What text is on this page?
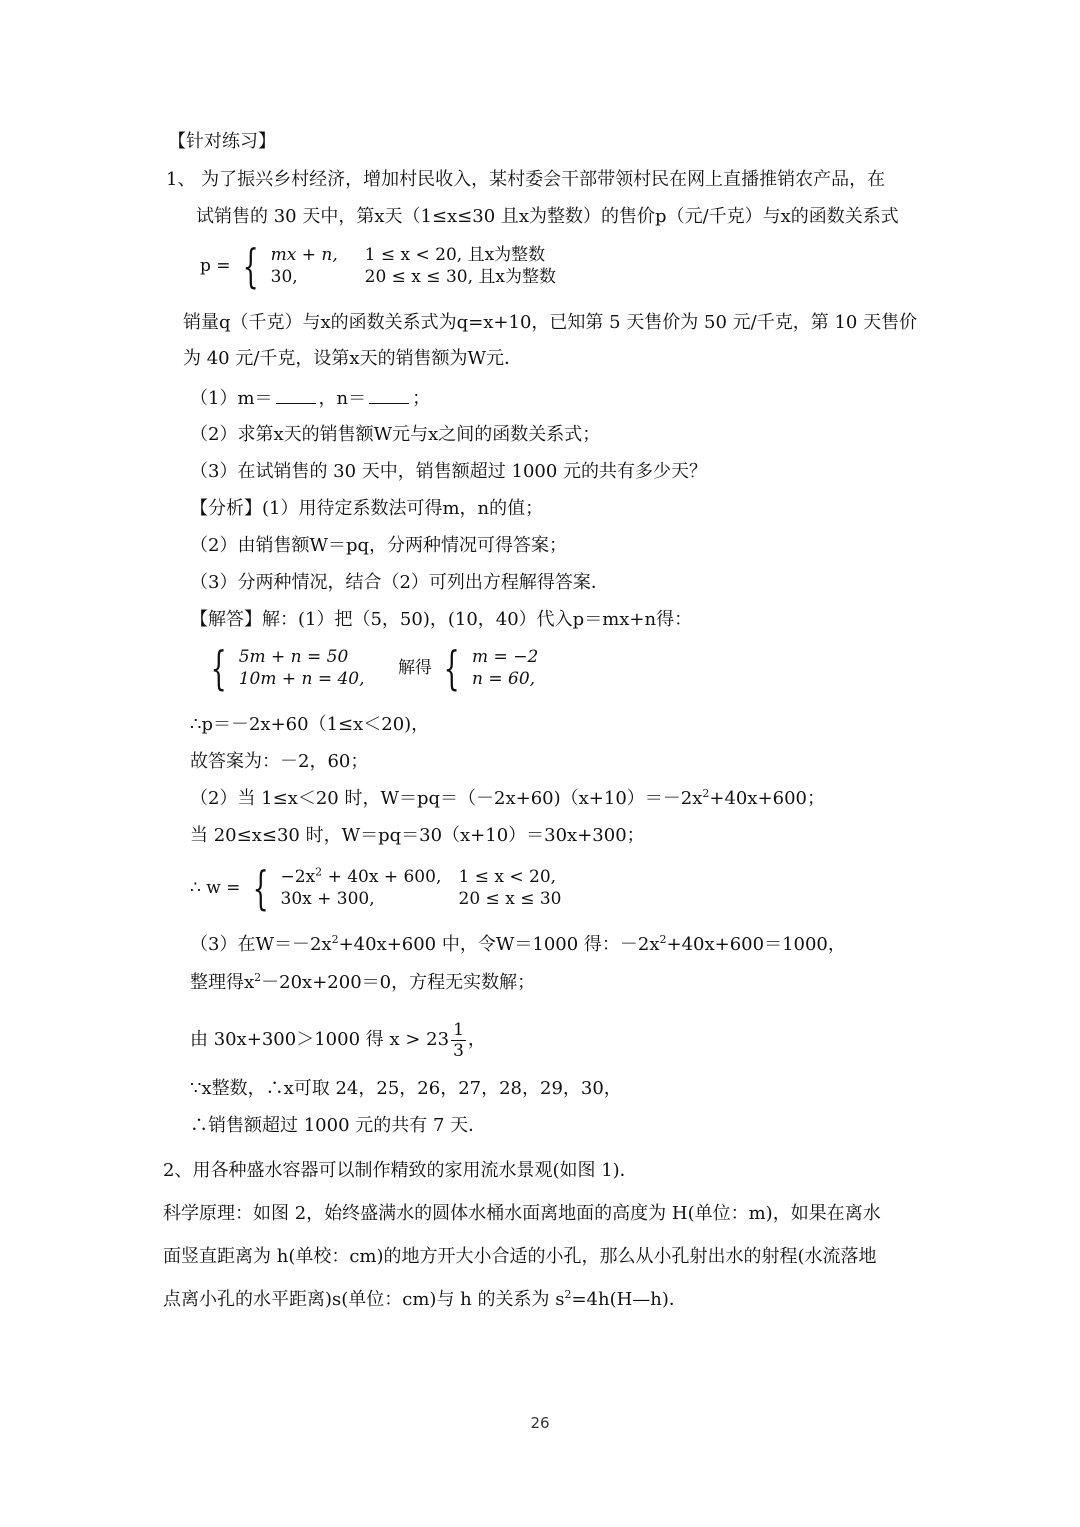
【针对练习】
1、 为了振兴乡村经济，增加村民收入，某村委会干部带领村民在网上直播推销农产品，在
试销售的 30 天中，第x天（1≤x≤30 且x为整数）的售价p（元/千克）与x的函数关系式
p = { mx + n, 1 ≤ x < 20, 且x为整数
30,	20 ≤ x ≤ 30, 且x为整数
销量q（千克）与x的函数关系式为q=x+10，已知第 5 天售价为 50 元/千克，第 10 天售价
为 40 元/千克，设第x天的销售额为W元．
（1）m＝	，n＝	；
（2）求第x天的销售额W元与x之间的函数关系式；
（3）在试销售的 30 天中，销售额超过 1000 元的共有多少天？
【分析】(1）用待定系数法可得m，n的值；
（2）由销售额W＝pq，分两种情况可得答案；
（3）分两种情况，结合（2）可列出方程解得答案．
【解答】解：(1）把（5，50)，(10，40）代入p＝mx+n得：
{ 5m + n = 50
10m + n = 40,
解得 { m = −2
n = 60,
∴p＝－2x+60（1≤x＜20)，
故答案为：－2，60；
（2）当 1≤x＜20 时，$W=pq=(-2x+60)(x+10)=-2x^2+40x+600$；
当 20≤x≤30 时，W＝pq＝30（x+10）＝30x+300；
∴ w = { $-2x^2 + 40x + 600$, 1 ≤ x < 20,
30x + 300,	20 ≤ x ≤ 30
（3）在$W=-2x^2+40x+600$ 中，令W＝1000 得：$-2x^2+40x+600=1000$，
整理得$x^2-20x+200=0$，方程无实数解；
由 30x+300＞1000 得 $x > 23 \frac{1}{3}$ ，
∵x整数，∴x可取 24，25，26，27，28，29，30，
∴销售额超过 1000 元的共有 7 天．
2、用各种盛水容器可以制作精致的家用流水景观(如图 1)．
科学原理：如图 2，始终盛满水的圆体水桶水面离地面的高度为 H(单位：m)，如果在离水
面竖直距离为 h(单校：cm)的地方开大小合适的小孔，那么从小孔射出水的射程(水流落地
点离小孔的水平距离)s(单位：cm)与 h 的关系为 $s^2=4h(H—h)$．
26
